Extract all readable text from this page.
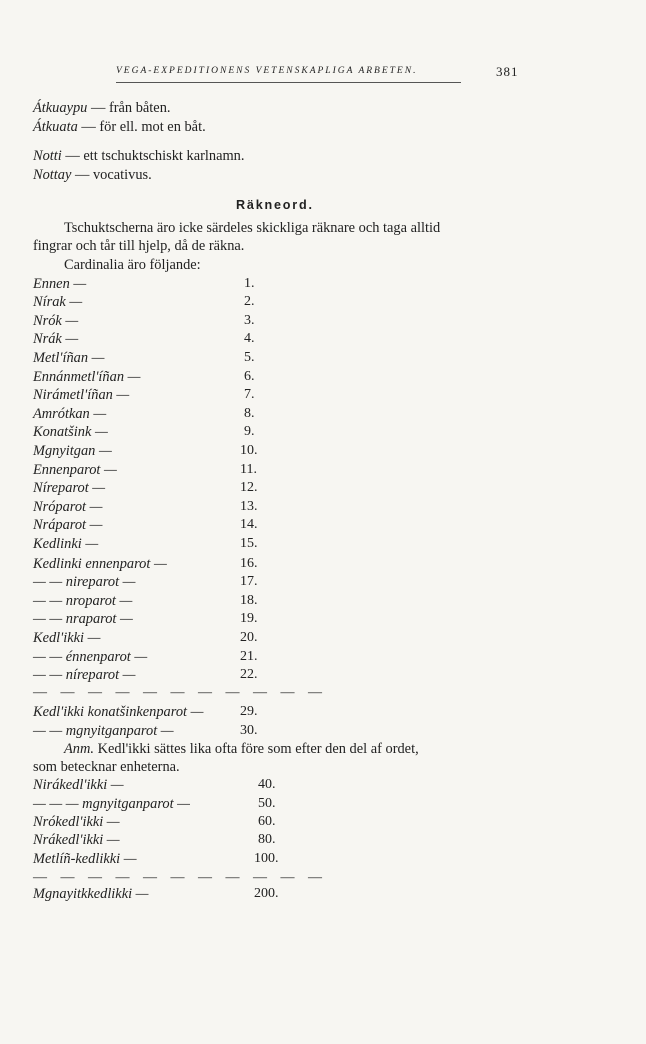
VEGA-EXPEDITIONENS VETENSKAPLIGA ARBETEN.	381
Átkuaypu — från båten.
Átkuata — för ell. mot en båt.
Notti — ett tschuktschiskt karlnamn.
Nottay — vocativus.
Räkneord.
Tschuktscherna äro icke särdeles skickliga räknare och taga alltid
fingrar och tår till hjelp, då de räkna.
Cardinalia äro följande:
Ennen —	1.
Nírak —	2.
Nrók —	3.
Nrák —	4.
Metl'íñan —	5.
Ennánmetl'íñan —	6.
Nirámetl'íñan —	7.
Amrótkan —	8.
Konatšink —	9.
Mgnyitgan —	10.
Ennenparot —	11.
Níreparot —	12.
Nróparot —	13.
Nráparot —	14.
Kedlinki —	15.
Kedlinki ennenparot —	16.
— — nireparot —	17.
— — nroparot —	18.
— — nraparot —	19.
Kedl'ikki —	20.
— — énnenparot —	21.
— — níreparot —	22.
— — — — — — — — — — —
Kedl'ikki konatšinkenparot —	29.
— — mgnyitganparot —	30.
Anm. Kedl'ikki sättes lika ofta före som efter den del af ordet,
som betecknar enheterna.
Nirákedl'ikki —	40.
— — — mgnyitganparot —	50.
Nrókedl'ikki —	60.
Nrákedl'ikki —	80.
Metlíñ-kedlikki —	100.
— — — — — — — — — — —
Mgnayitkkedlikki —	200.
